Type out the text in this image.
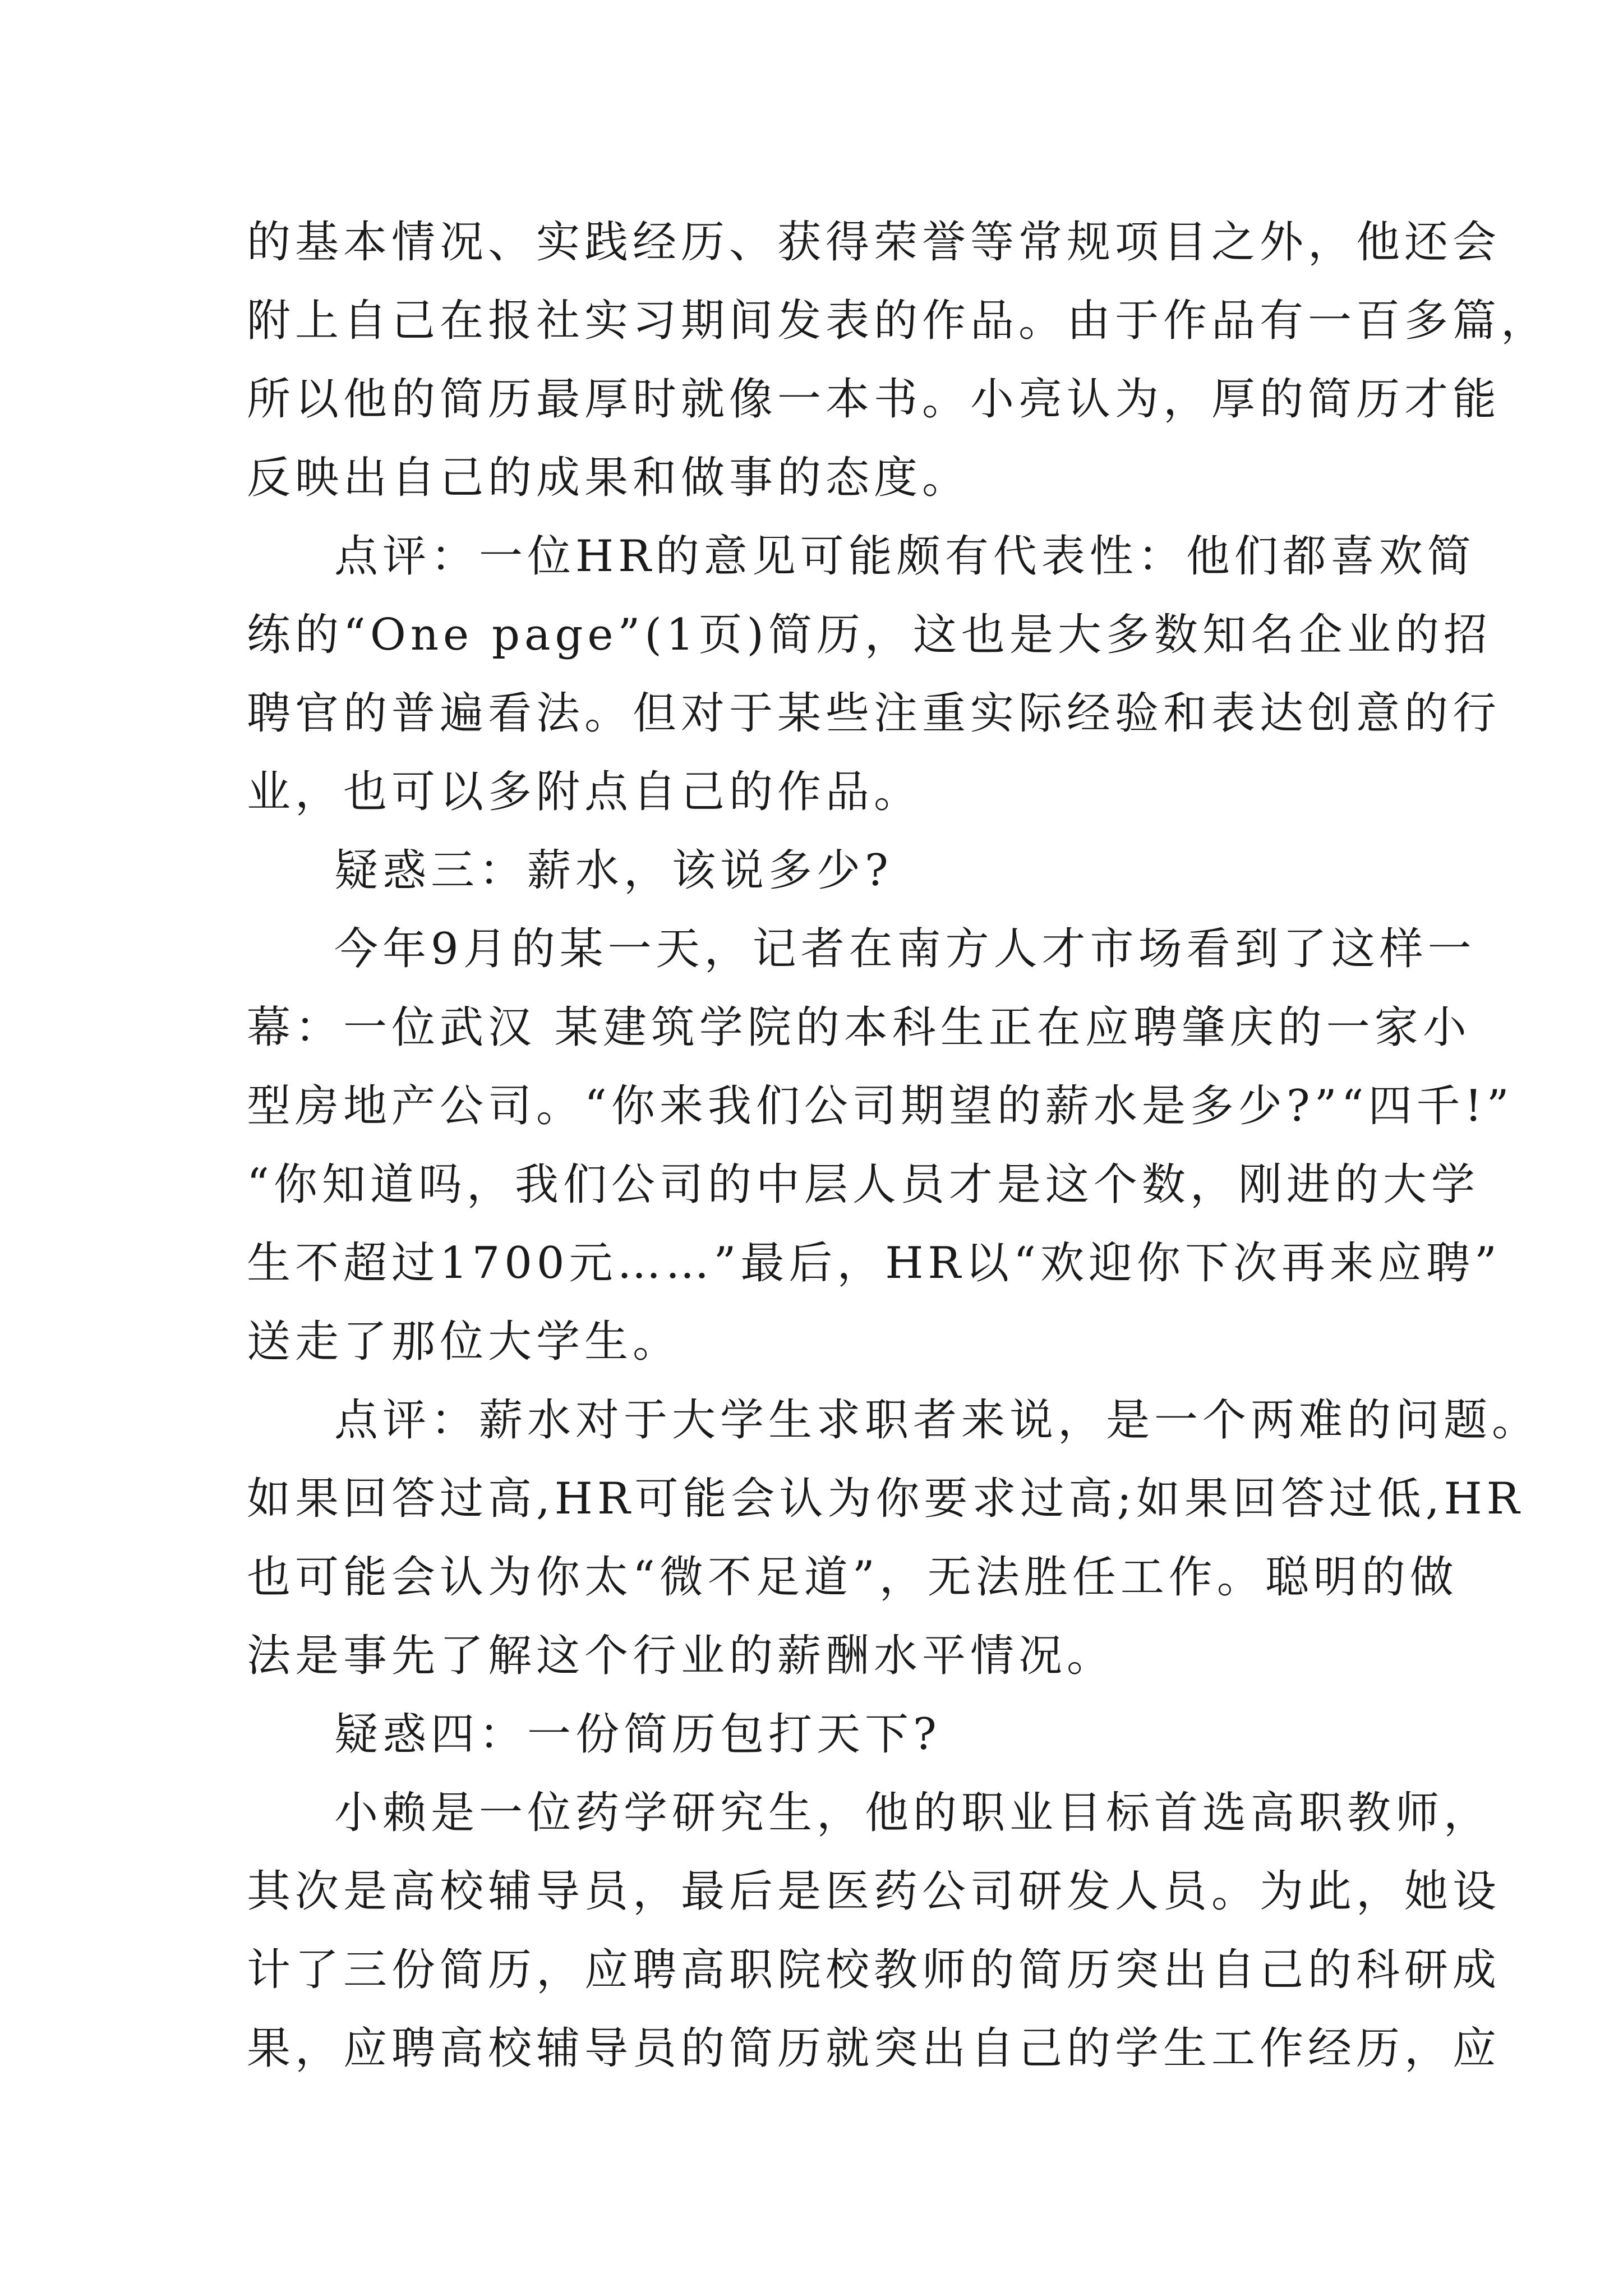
的基本情况、实践经历、获得荣誉等常规项目之外，他还会

附上自己在报社实习期间发表的作品。由于作品有一百多篇，

所以他的简历最厚时就像一本书。小亮认为，厚的简历才能

反映出自己的成果和做事的态度。

点评：一位HR的意见可能颇有代表性：他们都喜欢简

练的“One page”(1页)简历，这也是大多数知名企业的招

聘官的普遍看法。但对于某些注重实际经验和表达创意的行

业，也可以多附点自己的作品。

疑惑三：薪水，该说多少?

今年9月的某一天，记者在南方人才市场看到了这样一

幕：一位武汉 某建筑学院的本科生正在应聘肇庆的一家小

型房地产公司。“你来我们公司期望的薪水是多少?”“四千!”

“你知道吗，我们公司的中层人员才是这个数，刚进的大学

生不超过1700元……”最后，HR以“欢迎你下次再来应聘”

送走了那位大学生。

点评：薪水对于大学生求职者来说，是一个两难的问题。

如果回答过高,HR可能会认为你要求过高;如果回答过低,HR

也可能会认为你太“微不足道”，无法胜任工作。聪明的做

法是事先了解这个行业的薪酬水平情况。

疑惑四：一份简历包打天下?

小赖是一位药学研究生，他的职业目标首选高职教师，

其次是高校辅导员，最后是医药公司研发人员。为此，她设

计了三份简历，应聘高职院校教师的简历突出自己的科研成

果，应聘高校辅导员的简历就突出自己的学生工作经历，应
